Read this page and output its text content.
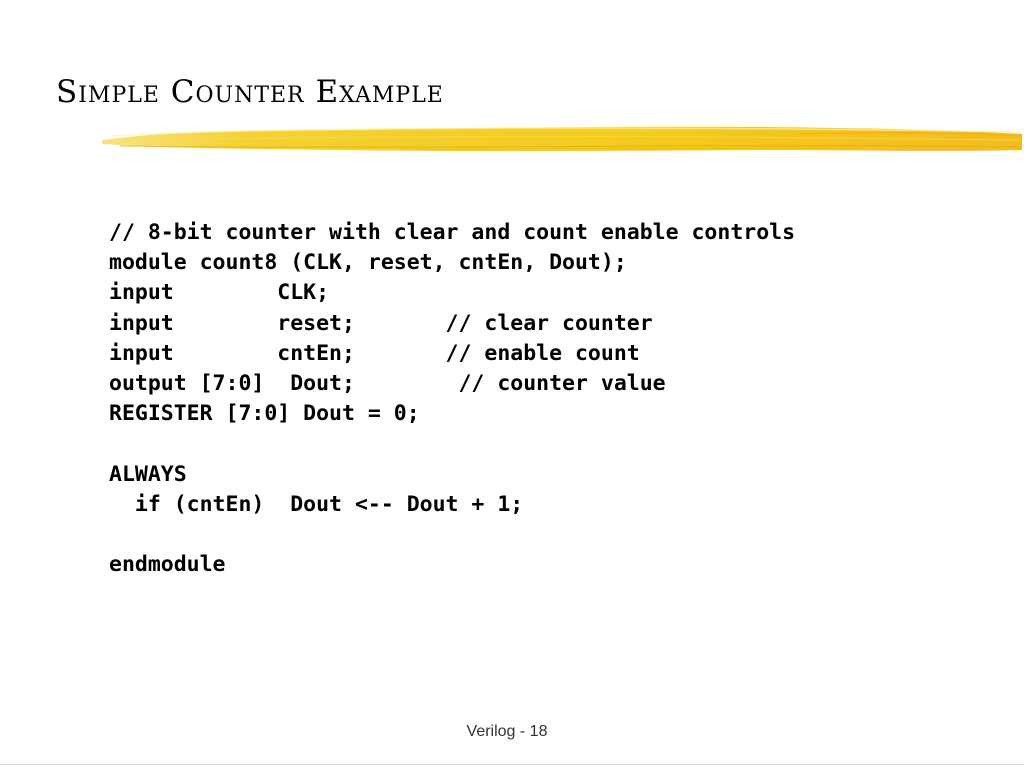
Simple Counter Example
// 8-bit counter with clear and count enable controls
module count8 (CLK, reset, cntEn, Dout);
input        CLK;
input        reset;       // clear counter
input        cntEn;       // enable count
output [7:0]  Dout;        // counter value
REGISTER [7:0] Dout = 0;
ALWAYS
if (cntEn)  Dout <-- Dout + 1;
endmodule
Verilog - 18
